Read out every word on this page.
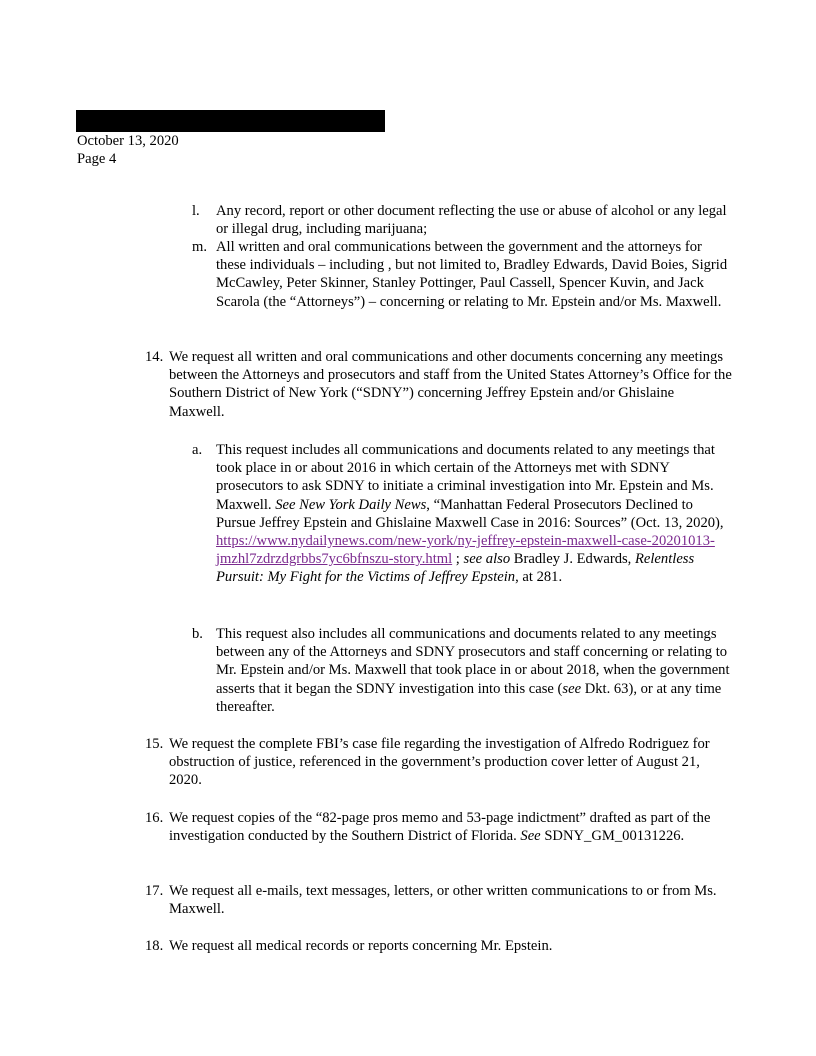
October 13, 2020
Page 4
l. Any record, report or other document reflecting the use or abuse of alcohol or any legal or illegal drug, including marijuana;
m. All written and oral communications between the government and the attorneys for these individuals – including , but not limited to, Bradley Edwards, David Boies, Sigrid McCawley, Peter Skinner, Stanley Pottinger, Paul Cassell, Spencer Kuvin, and Jack Scarola (the “Attorneys”) – concerning or relating to Mr. Epstein and/or Ms. Maxwell.
14. We request all written and oral communications and other documents concerning any meetings between the Attorneys and prosecutors and staff from the United States Attorney’s Office for the Southern District of New York (“SDNY”) concerning Jeffrey Epstein and/or Ghislaine Maxwell.
a. This request includes all communications and documents related to any meetings that took place in or about 2016 in which certain of the Attorneys met with SDNY prosecutors to ask SDNY to initiate a criminal investigation into Mr. Epstein and Ms. Maxwell. See New York Daily News, “Manhattan Federal Prosecutors Declined to Pursue Jeffrey Epstein and Ghislaine Maxwell Case in 2016: Sources” (Oct. 13, 2020), https://www.nydailynews.com/new-york/ny-jeffrey-epstein-maxwell-case-20201013-jmzhl7zdrzdgrbbs7yc6bfnszu-story.html ; see also Bradley J. Edwards, Relentless Pursuit: My Fight for the Victims of Jeffrey Epstein, at 281.
b. This request also includes all communications and documents related to any meetings between any of the Attorneys and SDNY prosecutors and staff concerning or relating to Mr. Epstein and/or Ms. Maxwell that took place in or about 2018, when the government asserts that it began the SDNY investigation into this case (see Dkt. 63), or at any time thereafter.
15. We request the complete FBI’s case file regarding the investigation of Alfredo Rodriguez for obstruction of justice, referenced in the government’s production cover letter of August 21, 2020.
16. We request copies of the “82-page pros memo and 53-page indictment” drafted as part of the investigation conducted by the Southern District of Florida. See SDNY_GM_00131226.
17. We request all e-mails, text messages, letters, or other written communications to or from Ms. Maxwell.
18. We request all medical records or reports concerning Mr. Epstein.
